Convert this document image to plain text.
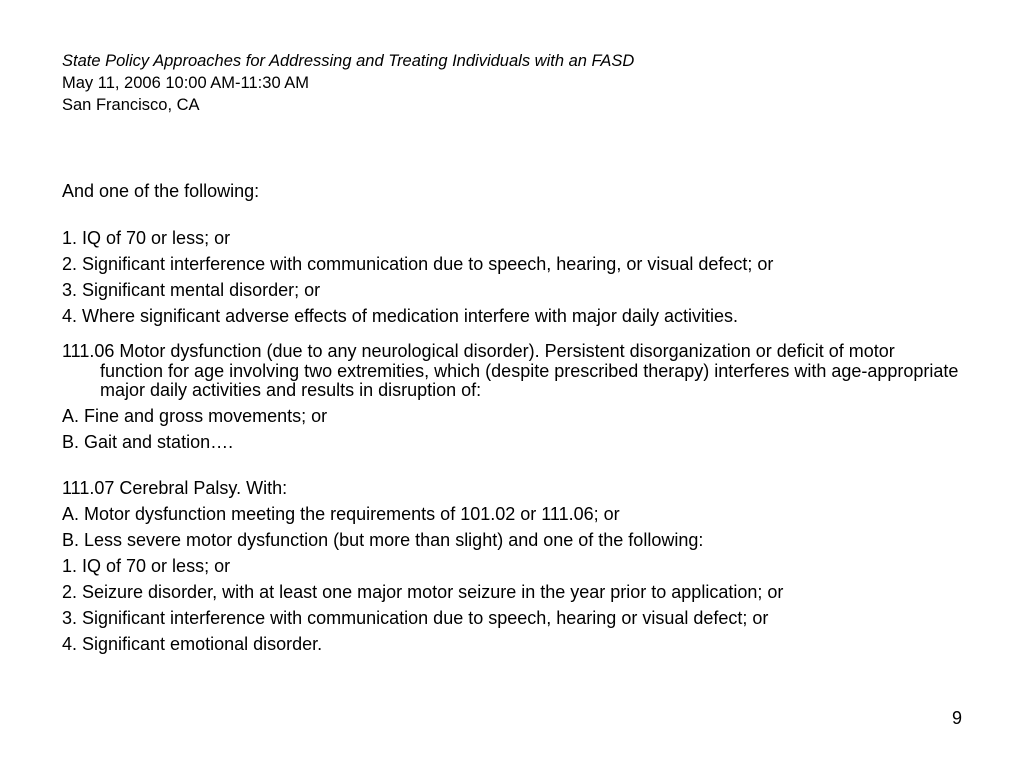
State Policy Approaches for Addressing and Treating Individuals with an FASD
May 11, 2006 10:00 AM-11:30 AM
San Francisco, CA

And one of the following:

1. IQ of 70 or less; or

2. Significant interference with communication due to speech, hearing, or visual defect; or

3. Significant mental disorder; or

4. Where significant adverse effects of medication interfere with major daily activities.

111.06 Motor dysfunction (due to any neurological disorder). Persistent disorganization or deficit of motor function for age involving two extremities, which (despite prescribed therapy) interferes with age-appropriate major daily activities and results in disruption of:

A. Fine and gross movements; or

B. Gait and station….

111.07 Cerebral Palsy. With:

A. Motor dysfunction meeting the requirements of 101.02 or 111.06; or

B. Less severe motor dysfunction (but more than slight) and one of the following:

1. IQ of 70 or less; or

2. Seizure disorder, with at least one major motor seizure in the year prior to application; or

3. Significant interference with communication due to speech, hearing or visual defect; or

4. Significant emotional disorder.

9
